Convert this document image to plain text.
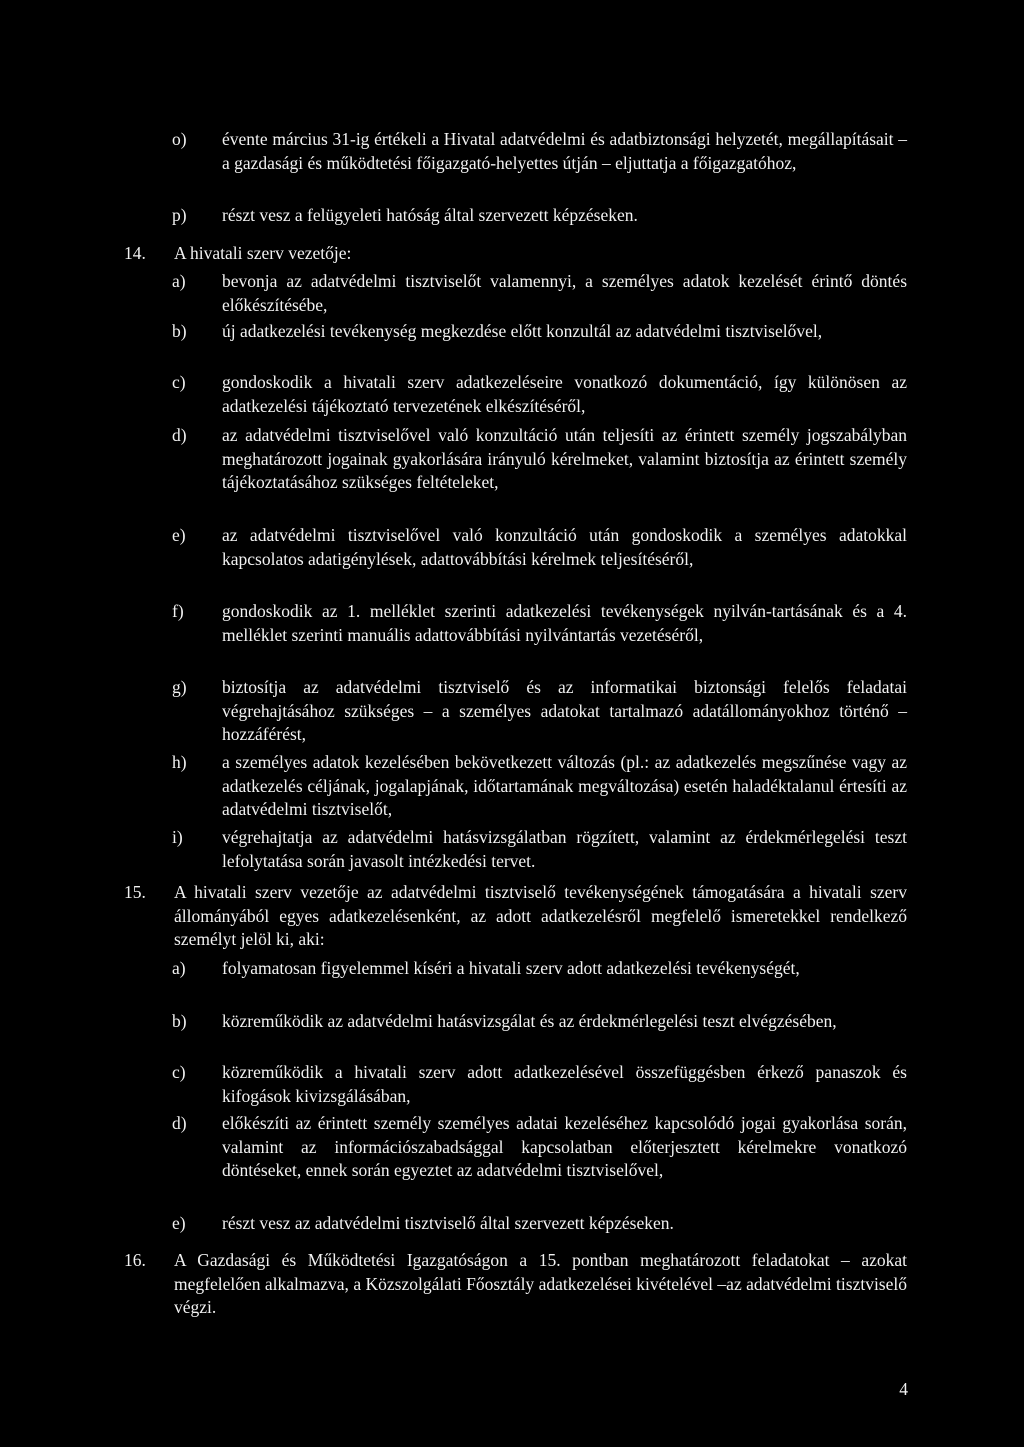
o) évente március 31-ig értékeli a Hivatal adatvédelmi és adatbiztonsági helyzetét, megállapításait – a gazdasági és működtetési főigazgató-helyettes útján – eljuttatja a főigazgatóhoz,
p) részt vesz a felügyeleti hatóság által szervezett képzéseken.
14. A hivatali szerv vezetője:
a) bevonja az adatvédelmi tisztviselőt valamennyi, a személyes adatok kezelését érintő döntés előkészítésébe,
b) új adatkezelési tevékenység megkezdése előtt konzultál az adatvédelmi tisztviselővel,
c) gondoskodik a hivatali szerv adatkezeléseire vonatkozó dokumentáció, így különösen az adatkezelési tájékoztató tervezetének elkészítéséről,
d) az adatvédelmi tisztviselővel való konzultáció után teljesíti az érintett személy jogszabályban meghatározott jogainak gyakorlására irányuló kérelmeket, valamint biztosítja az érintett személy tájékoztatásához szükséges feltételeket,
e) az adatvédelmi tisztviselővel való konzultáció után gondoskodik a személyes adatokkal kapcsolatos adatigénylések, adattovábbítási kérelmek teljesítéséről,
f) gondoskodik az 1. melléklet szerinti adatkezelési tevékenységek nyilván-tartásának és a 4. melléklet szerinti manuális adattovábbítási nyilvántartás vezetéséről,
g) biztosítja az adatvédelmi tisztviselő és az informatikai biztonsági felelős feladatai végrehajtásához szükséges – a személyes adatokat tartalmazó adatállományokhoz történő – hozzáférést,
h) a személyes adatok kezelésében bekövetkezett változás (pl.: az adatkezelés megszűnése vagy az adatkezelés céljának, jogalapjának, időtartamának megváltozása) esetén haladéktalanul értesíti az adatvédelmi tisztviselőt,
i) végrehajtatja az adatvédelmi hatásvizsgálatban rögzített, valamint az érdekmérlegelési teszt lefolytatása során javasolt intézkedési tervet.
15. A hivatali szerv vezetője az adatvédelmi tisztviselő tevékenységének támogatására a hivatali szerv állományából egyes adatkezelésenként, az adott adatkezelésről megfelelő ismeretekkel rendelkező személyt jelöl ki, aki:
a) folyamatosan figyelemmel kíséri a hivatali szerv adott adatkezelési tevékenységét,
b) közreműködik az adatvédelmi hatásvizsgálat és az érdekmérlegelési teszt elvégzésében,
c) közreműködik a hivatali szerv adott adatkezelésével összefüggésben érkező panaszok és kifogások kivizsgálásában,
d) előkészíti az érintett személy személyes adatai kezeléséhez kapcsolódó jogai gyakorlása során, valamint az információszabadsággal kapcsolatban előterjesztett kérelmekre vonatkozó döntéseket, ennek során egyeztet az adatvédelmi tisztviselővel,
e) részt vesz az adatvédelmi tisztviselő által szervezett képzéseken.
16. A Gazdasági és Működtetési Igazgatóságon a 15. pontban meghatározott feladatokat – azokat megfelelően alkalmazva, a Közszolgálati Főosztály adatkezelései kivételével –az adatvédelmi tisztviselő végzi.
4
